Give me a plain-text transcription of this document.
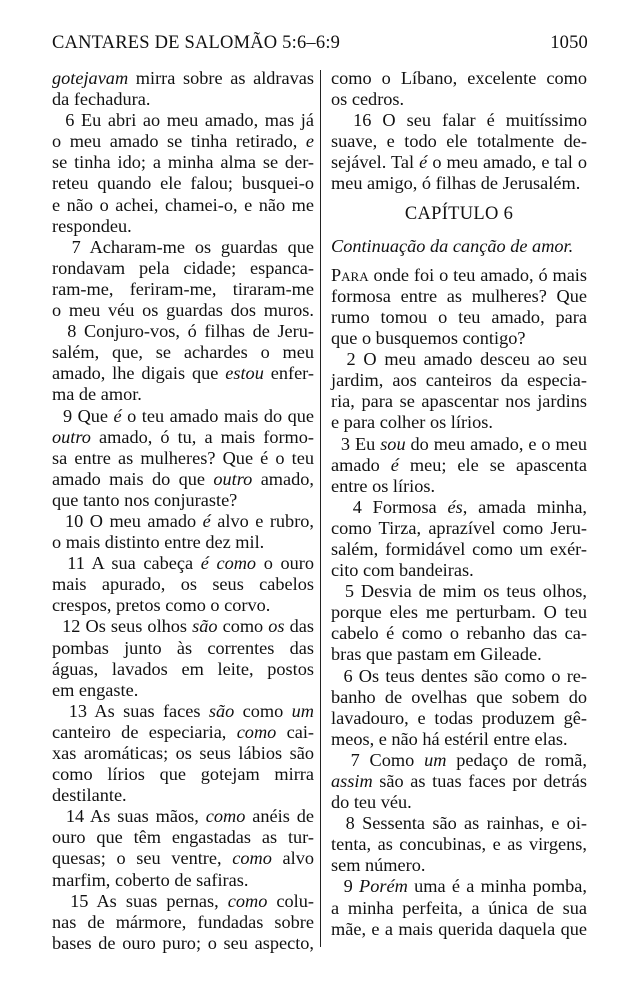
CANTARES DE SALOMÃO 5:6–6:9	1050
gotejavam mirra sobre as aldravas
da fechadura.
6 Eu abri ao meu amado, mas já
o meu amado se tinha retirado, e
se tinha ido; a minha alma se der-
reteu quando ele falou; busquei-o
e não o achei, chamei-o, e não me
respondeu.
7 Acharam-me os guardas que
rondavam pela cidade; espanca-
ram-me, feriram-me, tiraram-me
o meu véu os guardas dos muros.
8 Conjuro-vos, ó filhas de Jeru-
salém, que, se achardes o meu
amado, lhe digais que estou enfer-
ma de amor.
9 Que é o teu amado mais do que
outro amado, ó tu, a mais formo-
sa entre as mulheres? Que é o teu
amado mais do que outro amado,
que tanto nos conjuraste?
10 O meu amado é alvo e rubro,
o mais distinto entre dez mil.
11 A sua cabeça é como o ouro
mais apurado, os seus cabelos
crespos, pretos como o corvo.
12 Os seus olhos são como os das
pombas junto às correntes das
águas, lavados em leite, postos
em engaste.
13 As suas faces são como um
canteiro de especiaria, como cai-
xas aromáticas; os seus lábios são
como lírios que gotejam mirra
destilante.
14 As suas mãos, como anéis de
ouro que têm engastadas as tur-
quesas; o seu ventre, como alvo
marfim, coberto de safiras.
15 As suas pernas, como colu-
nas de mármore, fundadas sobre
bases de ouro puro; o seu aspecto,
como o Líbano, excelente como
os cedros.
16 O seu falar é muitíssimo
suave, e todo ele totalmente de-
sejável. Tal é o meu amado, e tal o
meu amigo, ó filhas de Jerusalém.
CAPÍTULO 6
Continuação da canção de amor.
Para onde foi o teu amado, ó mais
formosa entre as mulheres? Que
rumo tomou o teu amado, para
que o busquemos contigo?
2 O meu amado desceu ao seu
jardim, aos canteiros da especia-
ria, para se apascentar nos jardins
e para colher os lírios.
3 Eu sou do meu amado, e o meu
amado é meu; ele se apascenta
entre os lírios.
4 Formosa és, amada minha,
como Tirza, aprazível como Jeru-
salém, formidável como um exér-
cito com bandeiras.
5 Desvia de mim os teus olhos,
porque eles me perturbam. O teu
cabelo é como o rebanho das ca-
bras que pastam em Gileade.
6 Os teus dentes são como o re-
banho de ovelhas que sobem do
lavadouro, e todas produzem gê-
meos, e não há estéril entre elas.
7 Como um pedaço de romã,
assim são as tuas faces por detrás
do teu véu.
8 Sessenta são as rainhas, e oi-
tenta, as concubinas, e as virgens,
sem número.
9 Porém uma é a minha pomba,
a minha perfeita, a única de sua
mãe, e a mais querida daquela que
